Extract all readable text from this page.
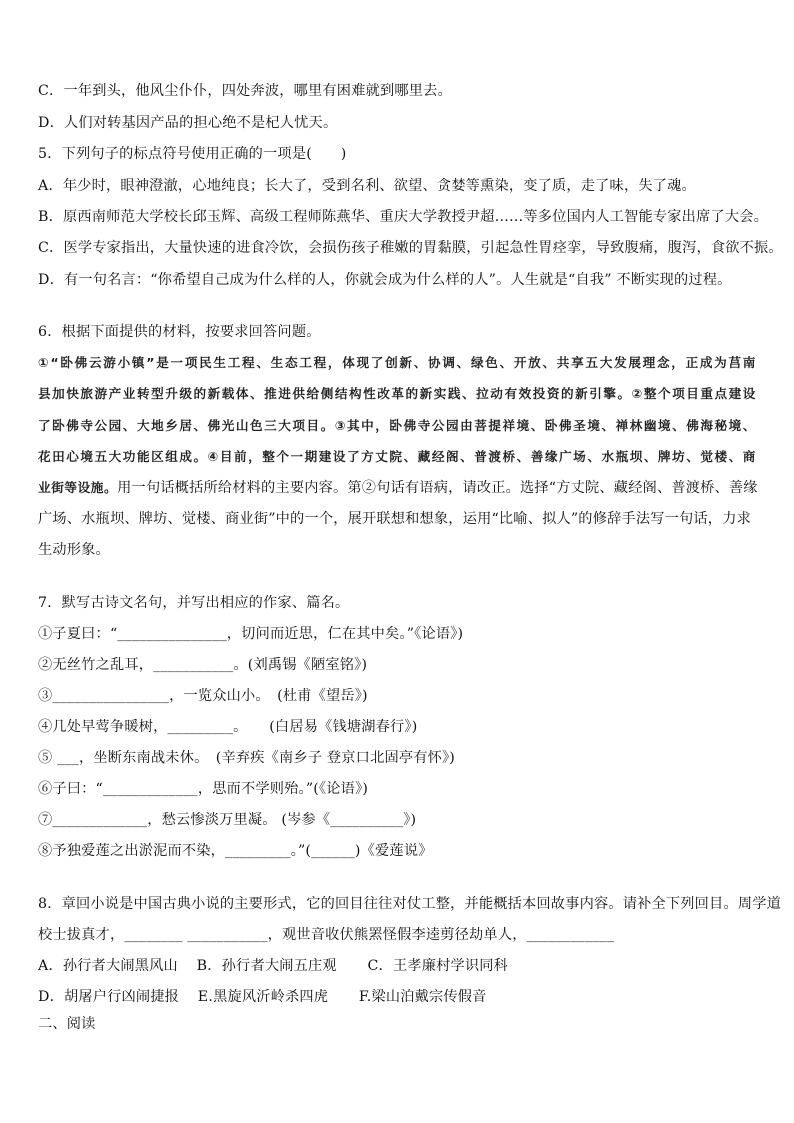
C．一年到头，他风尘仆仆，四处奔波，哪里有困难就到哪里去。
D．人们对转基因产品的担心绝不是杞人忧天。
5．下列句子的标点符号使用正确的一项是(　　)
A．年少时，眼神澄澈，心地纯良；长大了，受到名利、欲望、贪婪等熏染，变了质，走了味，失了魂。
B．原西南师范大学校长邱玉辉、高级工程师陈燕华、重庆大学教授尹超……等多位国内人工智能专家出席了大会。
C．医学专家指出，大量快速的进食冷饮，会损伤孩子稚嫩的胃黏膜，引起急性胃痉挛，导致腹痛，腹泻，食欲不振。
D．有一句名言：“你希望自己成为什么样的人，你就会成为什么样的人”。人生就是“自我” 不断实现的过程。
6．根据下面提供的材料，按要求回答问题。
①“卧佛云游小镇”是一项民生工程、生态工程，体现了创新、协调、绿色、开放、共享五大发展理念，正成为莒南
县加快旅游产业转型升级的新载体、推进供给侧结构性改革的新实践、拉动有效投资的新引擎。②整个项目重点建设
了卧佛寺公园、大地乡居、佛光山色三大项目。③其中，卧佛寺公园由菩提祥境、卧佛圣境、禅林幽境、佛海秘境、
花田心境五大功能区组成。④目前，整个一期建设了方丈院、藏经阁、普渡桥、善缘广场、水瓶坝、牌坊、觉楼、商
业街等设施。用一句话概括所给材料的主要内容。第②句话有语病，请改正。选择“方丈院、藏经阁、普渡桥、善缘
广场、水瓶坝、牌坊、觉楼、商业街”中的一个，展开联想和想象，运用“比喻、拟人”的修辞手法写一句话，力求
生动形象。
7．默写古诗文名句，并写出相应的作家、篇名。
①子夏曰：“_______________，切问而近思，仁在其中矣。”《论语》)
②无丝竹之乱耳，___________。(刘禹锡《陋室铭》)
③________________，一览众山小。　(杜甫《望岳》)
④几处早莺争暖树，_________。　　(白居易《钱塘湖春行》)
⑤ ___，坐断东南战未休。　(辛弃疾《南乡子 登京口北固亭有怀》)
⑥子曰：“_____________，思而不学则殆。”(《论语》)
⑦_____________，愁云惨淡万里凝。 (岑参《__________》)
⑧予独爱莲之出淤泥而不染，_________。”(______)《爱莲说》
8．章回小说是中国古典小说的主要形式，它的回目往往对仗工整，并能概括本回故事内容。请补全下列回目。周学道
校士拔真才，________ ___________，观世音收伏熊罴怪假李逵剪径劫单人，____________
A．孙行者大闹黑风山 B．孙行者大闹五庄观 C．王孝廉村学识同科
D．胡屠户行凶闹捷报 E.黑旋风沂岭杀四虎 F.梁山泊戴宗传假音
二、阅读
